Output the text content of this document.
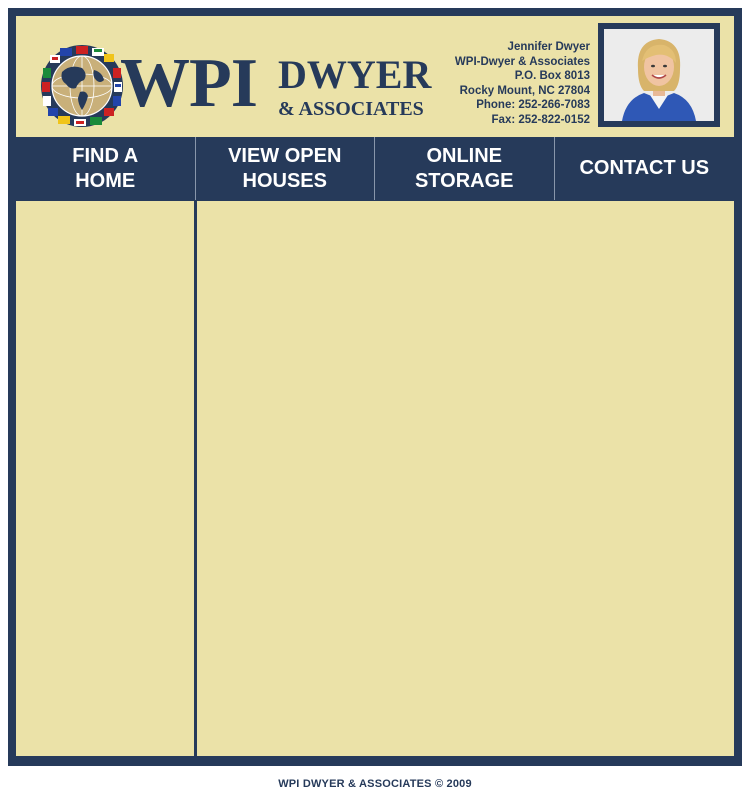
WPI DWYER
& ASSOCIATES
Jennifer Dwyer
WPI-Dwyer & Associates
P.O. Box 8013
Rocky Mount, NC 27804
Phone: 252-266-7083
Fax: 252-822-0152
FIND A
HOME
VIEW OPEN
HOUSES
ONLINE
STORAGE
CONTACT US
WPI DWYER & ASSOCIATES © 2009
